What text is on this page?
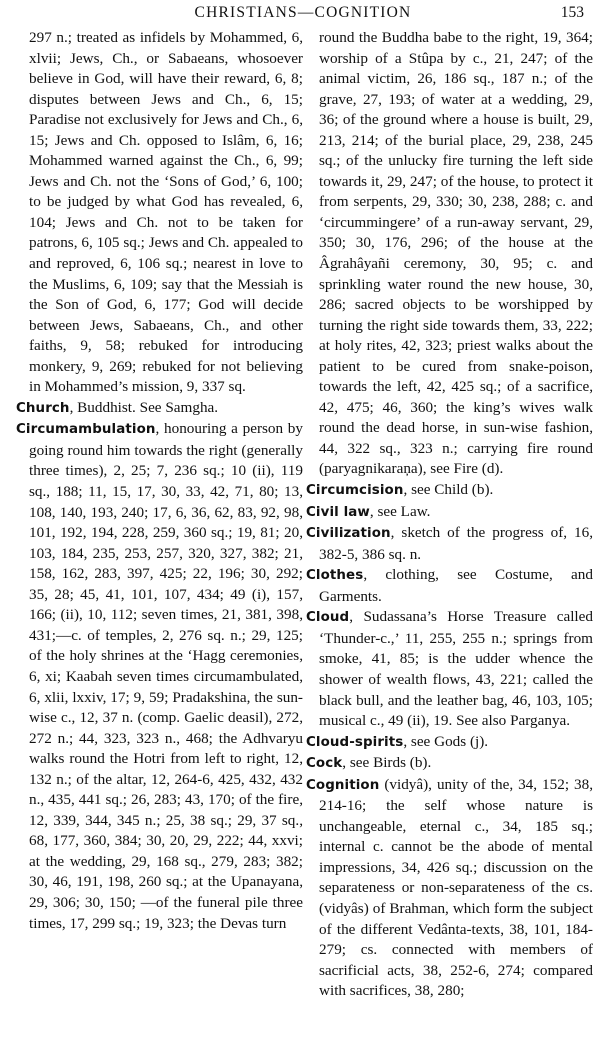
CHRISTIANS—COGNITION	153

297 n.; treated as infidels by Mohammed, 6, xlvii; Jews, Ch., or Sabaeans, whosoever believe in God, will have their reward, 6, 8; disputes between Jews and Ch., 6, 15; Paradise not exclusively for Jews and Ch., 6, 15; Jews and Ch. opposed to Islâm, 6, 16; Mohammed warned against the Ch., 6, 99; Jews and Ch. not the ‘Sons of God,’ 6, 100; to be judged by what God has revealed, 6, 104; Jews and Ch. not to be taken for patrons, 6, 105 sq.; Jews and Ch. appealed to and reproved, 6, 106 sq.; nearest in love to the Muslims, 6, 109; say that the Messiah is the Son of God, 6, 177; God will decide between Jews, Sabaeans, Ch., and other faiths, 9, 58; rebuked for introducing monkery, 9, 269; rebuked for not believing in Mohammed’s mission, 9, 337 sq.

Church, Buddhist. See Samgha.

Circumambulation, honouring a person by going round him towards the right (generally three times), 2, 25; 7, 236 sq.; 10 (ii), 119 sq., 188; 11, 15, 17, 30, 33, 42, 71, 80; 13, 108, 140, 193, 240; 17, 6, 36, 62, 83, 92, 98, 101, 192, 194, 228, 259, 360 sq.; 19, 81; 20, 103, 184, 235, 253, 257, 320, 327, 382; 21, 158, 162, 283, 397, 425; 22, 196; 30, 292; 35, 28; 45, 41, 101, 107, 434; 49 (i), 157, 166; (ii), 10, 112; seven times, 21, 381, 398, 431;—c. of temples, 2, 276 sq. n.; 29, 125; of the holy shrines at the ‘Hagg ceremonies, 6, xi; Kaabah seven times circumambulated, 6, xlii, lxxiv, 17; 9, 59; Pradakshina, the sun-wise c., 12, 37 n. (comp. Gaelic deasil), 272, 272 n.; 44, 323, 323 n., 468; the Adhvaryu walks round the Hotri from left to right, 12, 132 n.; of the altar, 12, 264-6, 425, 432, 432 n., 435, 441 sq.; 26, 283; 43, 170; of the fire, 12, 339, 344, 345 n.; 25, 38 sq.; 29, 37 sq., 68, 177, 360, 384; 30, 20, 29, 222; 44, xxvi; at the wedding, 29, 168 sq., 279, 283; 382; 30, 46, 191, 198, 260 sq.; at the Upanayana, 29, 306; 30, 150; —of the funeral pile three times, 17, 299 sq.; 19, 323; the Devas turn

round the Buddha babe to the right, 19, 364; worship of a Stûpa by c., 21, 247; of the animal victim, 26, 186 sq., 187 n.; of the grave, 27, 193; of water at a wedding, 29, 36; of the ground where a house is built, 29, 213, 214; of the burial place, 29, 238, 245 sq.; of the unlucky fire turning the left side towards it, 29, 247; of the house, to protect it from serpents, 29, 330; 30, 238, 288; c. and ‘circummingere’ of a run-away servant, 29, 350; 30, 176, 296; of the house at the Âgrahâyañi ceremony, 30, 95; c. and sprinkling water round the new house, 30, 286; sacred objects to be worshipped by turning the right side towards them, 33, 222; at holy rites, 42, 323; priest walks about the patient to be cured from snake-poison, towards the left, 42, 425 sq.; of a sacrifice, 42, 475; 46, 360; the king’s wives walk round the dead horse, in sun-wise fashion, 44, 322 sq., 323 n.; carrying fire round (paryagnikaraņa), see Fire (d).

Circumcision, see Child (b).

Civil law, see Law.

Civilization, sketch of the progress of, 16, 382-5, 386 sq. n.

Clothes, clothing, see Costume, and Garments.

Cloud, Sudassana’s Horse Treasure called ‘Thunder-c.,’ 11, 255, 255 n.; springs from smoke, 41, 85; is the udder whence the shower of wealth flows, 43, 221; called the black bull, and the leather bag, 46, 103, 105; musical c., 49 (ii), 19. See also Parganya.

Cloud-spirits, see Gods (j).

Cock, see Birds (b).

Cognition (vidyâ), unity of the, 34, 152; 38, 214-16; the self whose nature is unchangeable, eternal c., 34, 185 sq.; internal c. cannot be the abode of mental impressions, 34, 426 sq.; discussion on the separateness or non-separateness of the cs. (vidyâs) of Brahman, which form the subject of the different Vedânta-texts, 38, 101, 184-279; cs. connected with members of sacrificial acts, 38, 252-6, 274; compared with sacrifices, 38, 280;
